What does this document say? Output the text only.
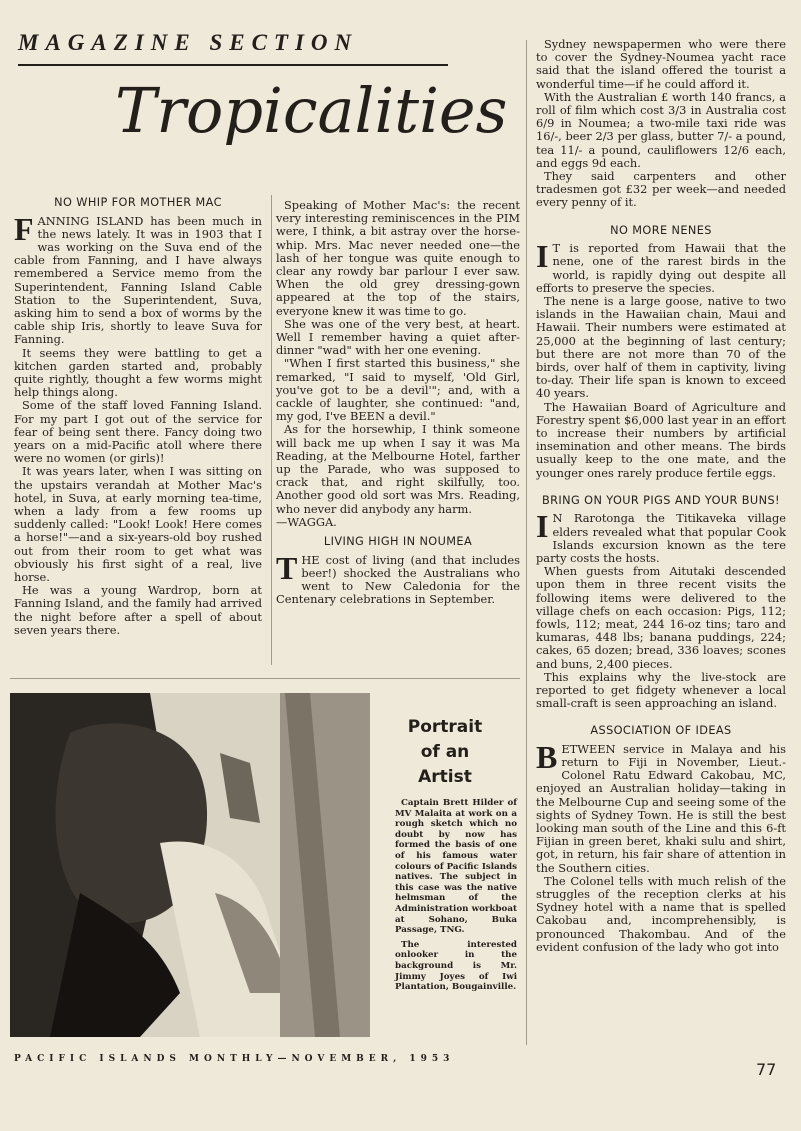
MAGAZINE SECTION
Tropicalities
NO WHIP FOR MOTHER MAC

FANNING ISLAND has been much in the news lately. It was in 1903 that I was working on the Suva end of the cable from Fanning, and I have always remembered a Service memo from the Superintendent, Fanning Island Cable Station to the Superintendent, Suva, asking him to send a box of worms by the cable ship Iris, shortly to leave Suva for Fanning.

It seems they were battling to get a kitchen garden started and, probably quite rightly, thought a few worms might help things along.

Some of the staff loved Fanning Island. For my part I got out of the service for fear of being sent there. Fancy doing two years on a mid-Pacific atoll where there were no women (or girls)!

It was years later, when I was sitting on the upstairs verandah at Mother Mac's hotel, in Suva, at early morning tea-time, when a lady from a few rooms up suddenly called: "Look! Look! Here comes a horse!"—and a six-years-old boy rushed out from their room to get what was obviously his first sight of a real, live horse.

He was a young Wardrop, born at Fanning Island, and the family had arrived the night before after a spell of about seven years there.

Speaking of Mother Mac's: the recent very interesting reminiscences in the PIM were, I think, a bit astray over the horse-whip. Mrs. Mac never needed one—the lash of her tongue was quite enough to clear any rowdy bar parlour I ever saw. When the old grey dressing-gown appeared at the top of the stairs, everyone knew it was time to go.

She was one of the very best, at heart. Well I remember having a quiet after-dinner "wad" with her one evening.

"When I first started this business," she remarked, "I said to myself, 'Old Girl, you've got to be a devil'"; and, with a cackle of laughter, she continued: "and, my god, I've BEEN a devil."

As for the horsewhip, I think someone will back me up when I say it was Ma Reading, at the Melbourne Hotel, farther up the Parade, who was supposed to crack that, and right skilfully, too. Another good old sort was Mrs. Reading, who never did anybody any harm.

—WAGGA.

LIVING HIGH IN NOUMEA

THE cost of living (and that includes beer!) shocked the Australians who went to New Caledonia for the Centenary celebrations in September.

Sydney newspapermen who were there to cover the Sydney-Noumea yacht race said that the island offered the tourist a wonderful time—if he could afford it.

With the Australian £ worth 140 francs, a roll of film which cost 3/3 in Australia cost 6/9 in Noumea; a two-mile taxi ride was 16/-, beer 2/3 per glass, butter 7/- a pound, tea 11/- a pound, cauliflowers 12/6 each, and eggs 9d each.

They said carpenters and other tradesmen got £32 per week—and needed every penny of it.

NO MORE NENES

I T is reported from Hawaii that the nene, one of the rarest birds in the world, is rapidly dying out despite all efforts to preserve the species.

The nene is a large goose, native to two islands in the Hawaiian chain, Maui and Hawaii. Their numbers were estimated at 25,000 at the beginning of last century; but there are not more than 70 of the birds, over half of them in captivity, living to-day. Their life span is known to exceed 40 years.

The Hawaiian Board of Agriculture and Forestry spent $6,000 last year in an effort to increase their numbers by artificial insemination and other means. The birds usually keep to the one mate, and the younger ones rarely produce fertile eggs.

BRING ON YOUR PIGS AND YOUR BUNS!

I N Rarotonga the Titikaveka village elders revealed what that popular Cook Islands excursion known as the tere party costs the hosts.

When guests from Aitutaki descended upon them in three recent visits the following items were delivered to the village chefs on each occasion: Pigs, 112; fowls, 112; meat, 244 16-oz tins; taro and kumaras, 448 lbs; banana puddings, 224; cakes, 65 dozen; bread, 336 loaves; scones and buns, 2,400 pieces.

This explains why the live-stock are reported to get fidgety whenever a local small-craft is seen approaching an island.

ASSOCIATION OF IDEAS

BETWEEN service in Malaya and his return to Fiji in November, Lieut.-Colonel Ratu Edward Cakobau, MC, enjoyed an Australian holiday—taking in the Melbourne Cup and seeing some of the sights of Sydney Town. He is still the best looking man south of the Line and this 6-ft Fijian in green beret, khaki sulu and shirt, got, in return, his fair share of attention in the Southern cities.

The Colonel tells with much relish of the struggles of the reception clerks at his Sydney hotel with a name that is spelled Cakobau and, incomprehensibly, is pronounced Thakombau. And of the evident confusion of the lady who got into

Portrait
of an
Artist

Captain Brett Hilder of MV Malaita at work on a rough sketch which no doubt by now has formed the basis of one of his famous water colours of Pacific Islands natives. The subject in this case was the native helmsman of the Administration workboat at Sohano, Buka Passage, TNG.

The interested onlooker in the background is Mr. Jimmy Joyes of Iwi Plantation, Bougainville.

PACIFIC ISLANDS MONTHLY—NOVEMBER, 1953
77
